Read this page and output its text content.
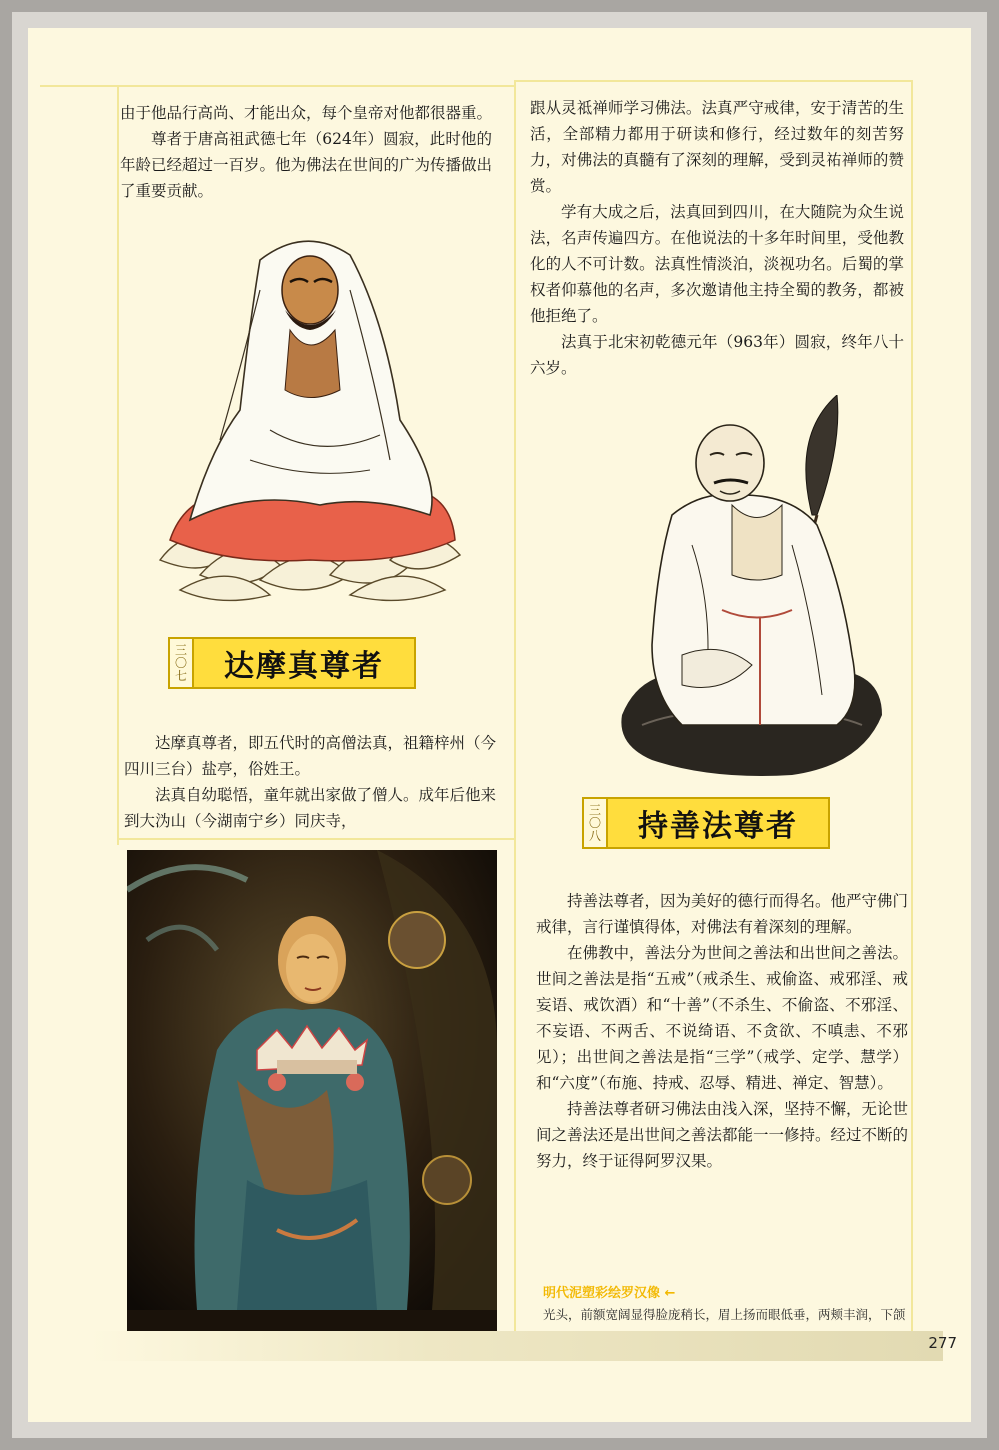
由于他品行高尚、才能出众，每个皇帝对他都很器重。

尊者于唐高祖武德七年（624年）圆寂，此时他的年龄已经超过一百岁。他为佛法在世间的广为传播做出了重要贡献。

三
〇
七	达摩真尊者

达摩真尊者，即五代时的高僧法真，祖籍梓州（今四川三台）盐亭，俗姓王。

法真自幼聪悟，童年就出家做了僧人。成年后他来到大沩山（今湖南宁乡）同庆寺，

跟从灵祗禅师学习佛法。法真严守戒律，安于清苦的生活，全部精力都用于研读和修行，经过数年的刻苦努力，对佛法的真髓有了深刻的理解，受到灵祐禅师的赞赏。

学有大成之后，法真回到四川，在大随院为众生说法，名声传遍四方。在他说法的十多年时间里，受他教化的人不可计数。法真性情淡泊，淡视功名。后蜀的掌权者仰慕他的名声，多次邀请他主持全蜀的教务，都被他拒绝了。

法真于北宋初乾德元年（963年）圆寂，终年八十六岁。

三
〇
八	持善法尊者

持善法尊者，因为美好的德行而得名。他严守佛门戒律，言行谨慎得体，对佛法有着深刻的理解。

在佛教中，善法分为世间之善法和出世间之善法。世间之善法是指“五戒”（戒杀生、戒偷盗、戒邪淫、戒妄语、戒饮酒）和“十善”（不杀生、不偷盗、不邪淫、不妄语、不两舌、不说绮语、不贪欲、不嗔恚、不邪见）；出世间之善法是指“三学”（戒学、定学、慧学）和“六度”（布施、持戒、忍辱、精进、禅定、智慧）。

持善法尊者研习佛法由浅入深，坚持不懈，无论世间之善法还是出世间之善法都能一一修持。经过不断的努力，终于证得阿罗汉果。

明代泥塑彩绘罗汉像 ←

光头，前额宽阔显得脸庞稍长，眉上扬而眼低垂，两颊丰润，下颌

277
